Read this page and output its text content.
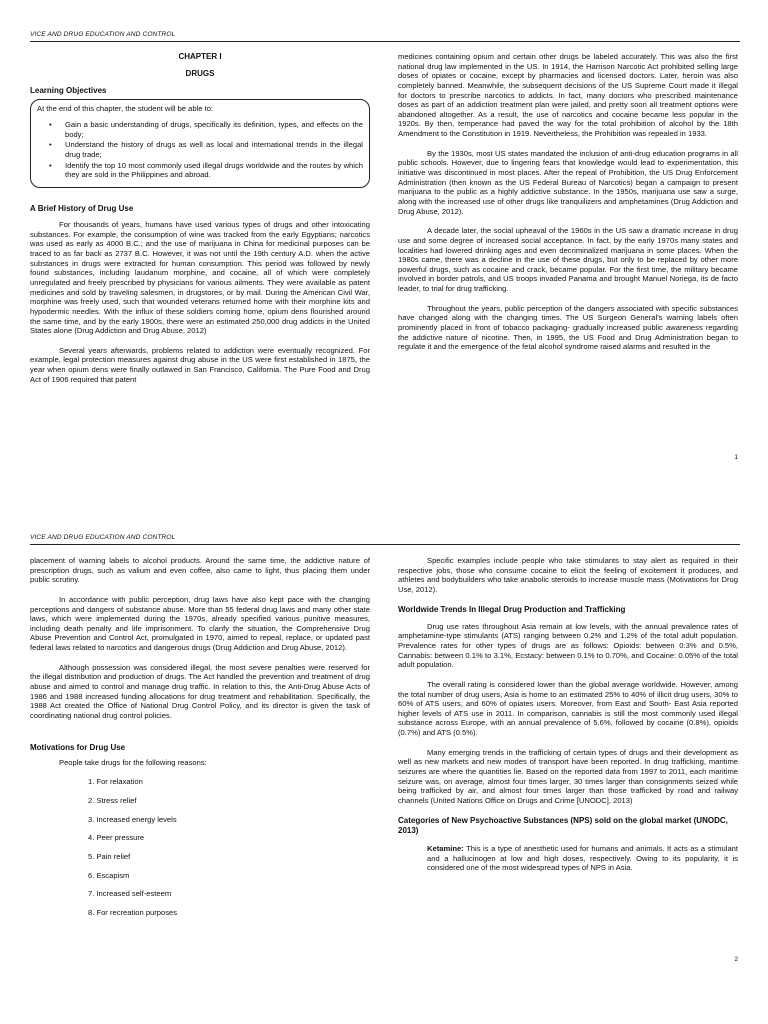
VICE AND DRUG EDUCATION AND CONTROL

CHAPTER I

DRUGS

Learning Objectives

At the end of this chapter, the student will be able to:

• Gain a basic understanding of drugs, specifically its definition, types, and effects on the body;
• Understand the history of drugs as well as local and international trends in the illegal drug trade;
• Identify the top 10 most commonly used illegal drugs worldwide and the routes by which they are sold in the Philippines and abroad.
A Brief History of Drug Use

For thousands of years, humans have used various types of drugs and other intoxicating substances. For example, the consumption of wine was tracked from the early Egyptians; narcotics was used as early as 4000 B.C.; and the use of marijuana in China for medicinal purposes can be traced to as far back as 2737 B.C. However, it was not until the 19th century A.D. when the active substances in drugs were extracted for human consumption. This period was followed by newly found substances, including laudanum morphine, and cocaine, all of which were completely unregulated and freely prescribed by physicians for various ailments. They were available as patent medicines and sold by traveling salesmen, in drugstores, or by mail. During the American Civil War, morphine was freely used, such that wounded veterans returned home with their morphine kits and hypodermic needles. With the influx of these soldiers coming home, opium dens flourished around the same time, and by the early 1900s, there were an estimated 250,000 drug addicts in the United States alone (Drug Addiction and Drug Abuse, 2012)

Several years afterwards, problems related to addiction were eventually recognized. For example, legal protection measures against drug abuse in the US were first established in 1875, the year when opium dens were finally outlawed in San Francisco, California. The Pure Food and Drug Act of 1906 required that patent

medicines containing opium and certain other drugs be labeled accurately. This was also the first national drug law implemented in the US. In 1914, the Harrison Narcotic Act prohibited selling large doses of opiates or cocaine, except by pharmacies and licensed doctors. Later, heroin was also completely banned. Meanwhile, the subsequent decisions of the US Supreme Court made it illegal for doctors to prescribe narcotics to addicts. In fact, many doctors who prescribed maintenance doses as part of an addiction treatment plan were jailed, and pretty soon all treatment options were abandoned altogether. As a result, the use of narcotics and cocaine became less popular in the 1920s. By then, temperance had paved the way for the total prohibition of alcohol by the 18th Amendment to the Constitution in 1919. Nevertheless, the Prohibition was repealed in 1933.

By the 1930s, most US states mandated the inclusion of anti-drug education programs in all public schools. However, due to lingering fears that knowledge would lead to experimentation, this initiative was discontinued in most places. After the repeal of Prohibition, the US Drug Enforcement Administration (then known as the US Federal Bureau of Narcotics) began a campaign to present marijuana to the public as a highly addictive substance. In the 1950s, marijuana use saw a surge, along with the increased use of other drugs like tranquilizers and amphetamines (Drug Addiction and Drug Abuse, 2012).

A decade later, the social upheaval of the 1960s in the US saw a dramatic increase in drug use and some degree of increased social acceptance. In fact, by the early 1970s many states and localities had lowered drinking ages and even decriminalized marijuana in some places. When the 1980s came, there was a decline in the use of these drugs, but only to be replaced by other more powerful drugs, such as cocaine and crack, became popular. For the first time, the military became involved in border patrols, and US troops invaded Panama and brought Manuel Noriega, its de facto leader, to trial for drug trafficking.

Throughout the years, public perception of the dangers associated with specific substances have changed along with the changing times. The US Surgeon General's warning labels often prominently placed in front of tobacco packaging- gradually increased public awareness regarding the addictive nature of nicotine. Then, in 1995, the US Food and Drug Administration began to regulate it and the emergence of the fetal alcohol syndrome raised alarms and resulted in the

1
VICE AND DRUG EDUCATION AND CONTROL

placement of warning labels to alcohol products. Around the same time, the addictive nature of prescription drugs, such as valium and even coffee, also came to light, thus placing them under public scrutiny.

In accordance with public perception, drug laws have also kept pace with the changing perceptions and dangers of substance abuse. More than 55 federal drug laws and many other state laws, which were implemented during the 1970s, already specified various punitive measures, including death penalty and life imprisonment. To clarify the situation, the Comprehensive Drug Abuse Prevention and Control Act, promulgated in 1970, aimed to repeal, replace, or updated past federal laws related to narcotics and dangerous drugs (Drug Addiction and Drug Abuse, 2012).

Although possession was considered illegal, the most severe penalties were reserved for the illegal distribution and production of drugs. The Act handled the prevention and treatment of drug abuse and aimed to control and manage drug traffic. In relation to this, the Anti-Drug Abuse Acts of 1986 and 1988 increased funding allocations for drug treatment and rehabilitation. Specifically, the 1988 Act created the Office of National Drug Control Policy, and its director is given the task of coordinating national drug control policies.

Motivations for Drug Use

People take drugs for the following reasons:

1. For relaxation
2. Stress relief
3. Increased energy levels
4. Peer pressure
5. Pain relief
6. Escapism
7. Increased self-esteem
8. For recreation purposes

Specific examples include people who take stimulants to stay alert as required in their respective jobs, those who consume cocaine to elicit the feeling of excitement it produces, and athletes and bodybuilders who take anabolic steroids to increase muscle mass (Motivations for Drug Use, 2012).

Worldwide Trends In Illegal Drug Production and Trafficking

Drug use rates throughout Asia remain at low levels, with the annual prevalence rates of amphetamine-type stimulants (ATS) ranging between 0.2% and 1.2% of the total adult population. Prevalence rates for other types of drugs are as follows: Opioids: between 0:3% and 0.5%, Cannabis: between 0.1% to 3.1%, Ecstacy: between 0.1% to 0.70%, and Cocaine: 0.05% of the total adult population.

The overall rating is considered lower than the global average worldwide. However, among the total number of drug users, Asia is home to an estimated 25% to 40% of illicit drug users, 30% to 60% of ATS users, and 60% of opiates users. Moreover, from East and South- East Asia reported higher levels of ATS use in 2011. In comparison, cannabis is still the most commonly used illegal substance across Europe, with an annual prevalence of 5.6%, followed by cocaine (0.8%), opioids (0.7%) and ATS (0.5%).

Many emerging trends in the trafficking of certain types of drugs and their development as well as new markets and new modes of transport have been reported. In drug trafficking, maritime seizures are where the quantities lie. Based on the reported data from 1997 to 2011, each maritime seizure was, on average, almost four times larger, 30 times larger than consignments seized while being trafficked by air, and almost four times larger than those trafficked by road and railway channels (United Nations Office on Drugs and Crime [UNODC], 2013)

Categories of New Psychoactive Substances (NPS) sold on the global market (UNODC, 2013)

Ketamine: This is a type of anesthetic used for humans and animals. It acts as a stimulant and a hallucinogen at low and high doses, respectively. Owing to its popularity, it is considered one of the most widespread types of NPS in Asia.

2
